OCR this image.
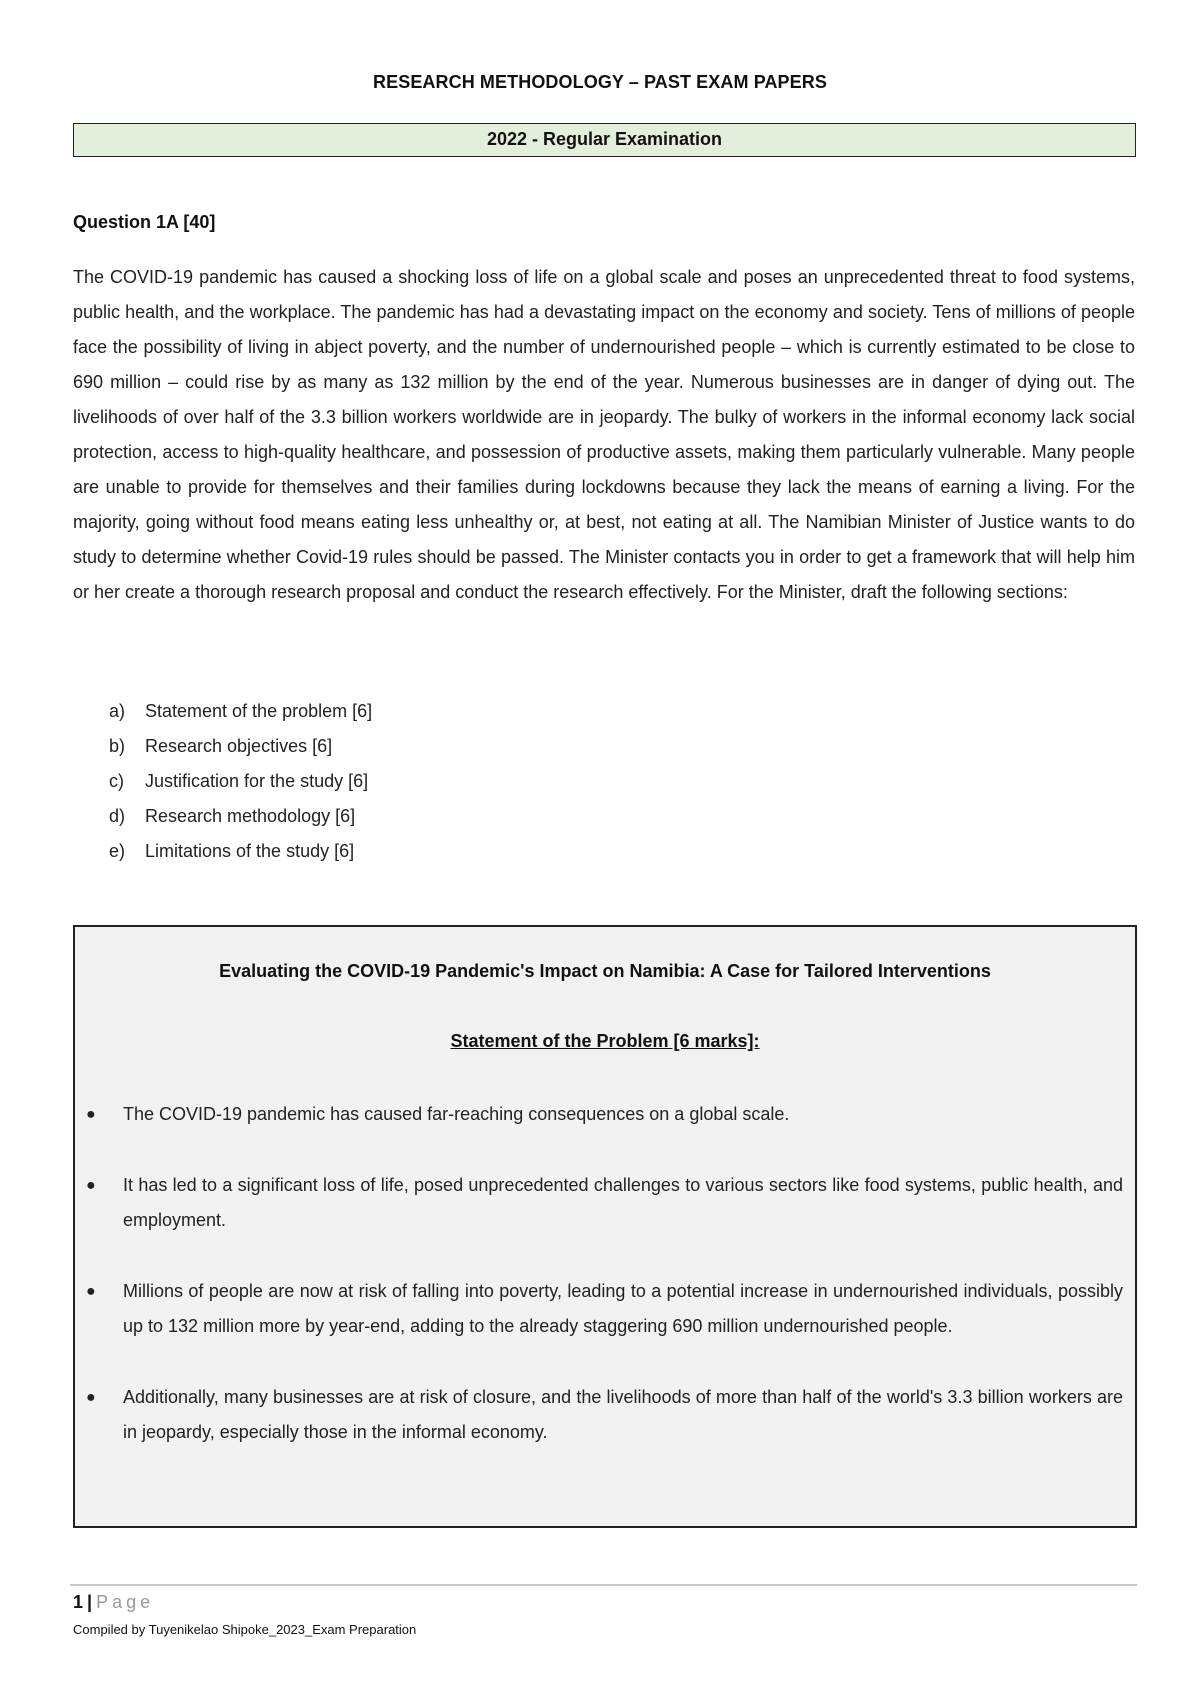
RESEARCH METHODOLOGY – PAST EXAM PAPERS
2022 - Regular Examination
Question 1A [40]

The COVID-19 pandemic has caused a shocking loss of life on a global scale and poses an unprecedented threat to food systems, public health, and the workplace. The pandemic has had a devastating impact on the economy and society. Tens of millions of people face the possibility of living in abject poverty, and the number of undernourished people – which is currently estimated to be close to 690 million – could rise by as many as 132 million by the end of the year. Numerous businesses are in danger of dying out. The livelihoods of over half of the 3.3 billion workers worldwide are in jeopardy. The bulky of workers in the informal economy lack social protection, access to high-quality healthcare, and possession of productive assets, making them particularly vulnerable. Many people are unable to provide for themselves and their families during lockdowns because they lack the means of earning a living. For the majority, going without food means eating less unhealthy or, at best, not eating at all. The Namibian Minister of Justice wants to do study to determine whether Covid-19 rules should be passed. The Minister contacts you in order to get a framework that will help him or her create a thorough research proposal and conduct the research effectively. For the Minister, draft the following sections:

a) Statement of the problem [6]
b) Research objectives [6]
c) Justification for the study [6]
d) Research methodology [6]
e) Limitations of the study [6]
Evaluating the COVID-19 Pandemic's Impact on Namibia: A Case for Tailored Interventions
Statement of the Problem [6 marks]:
● The COVID-19 pandemic has caused far-reaching consequences on a global scale.
● It has led to a significant loss of life, posed unprecedented challenges to various sectors like food systems, public health, and employment.
● Millions of people are now at risk of falling into poverty, leading to a potential increase in undernourished individuals, possibly up to 132 million more by year-end, adding to the already staggering 690 million undernourished people.
● Additionally, many businesses are at risk of closure, and the livelihoods of more than half of the world's 3.3 billion workers are in jeopardy, especially those in the informal economy.
1 | Page
Compiled by Tuyenikelao Shipoke_2023_Exam Preparation
